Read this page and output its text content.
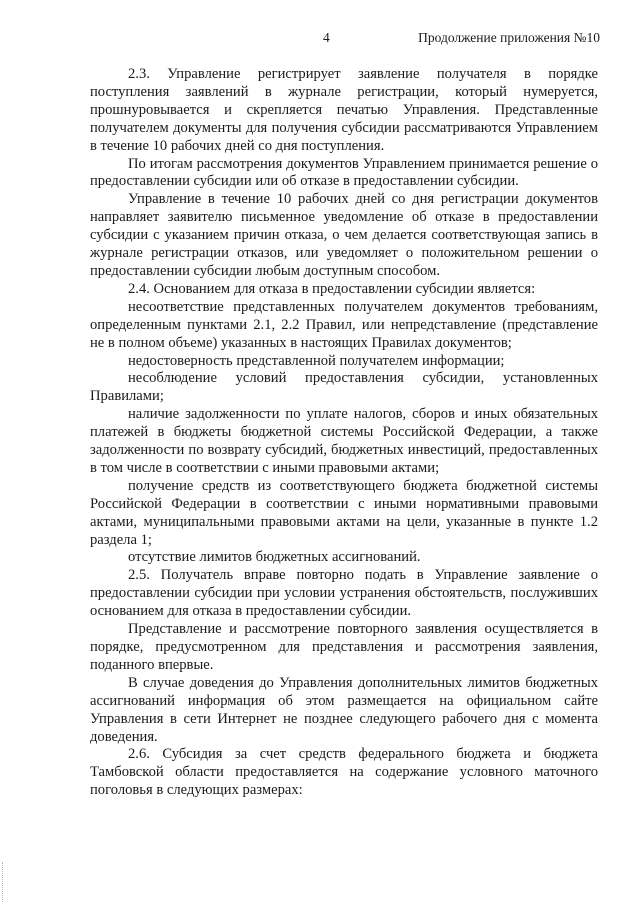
4	Продолжение приложения №10

2.3. Управление регистрирует заявление получателя в порядке поступления заявлений в журнале регистрации, который нумеруется, прошнуровывается и скрепляется печатью Управления. Представленные получателем документы для получения субсидии рассматриваются Управлением в течение 10 рабочих дней со дня поступления.

По итогам рассмотрения документов Управлением принимается решение о предоставлении субсидии или об отказе в предоставлении субсидии.

Управление в течение 10 рабочих дней со дня регистрации документов направляет заявителю письменное уведомление об отказе в предоставлении субсидии с указанием причин отказа, о чем делается соответствующая запись в журнале регистрации отказов, или уведомляет о положительном решении о предоставлении субсидии любым доступным способом.

2.4. Основанием для отказа в предоставлении субсидии является:

несоответствие представленных получателем документов требованиям, определенным пунктами 2.1, 2.2 Правил, или непредставление (представление не в полном объеме) указанных в настоящих Правилах документов;

недостоверность представленной получателем информации;

несоблюдение условий предоставления субсидии, установленных Правилами;

наличие задолженности по уплате налогов, сборов и иных обязательных платежей в бюджеты бюджетной системы Российской Федерации, а также задолженности по возврату субсидий, бюджетных инвестиций, предоставленных в том числе в соответствии с иными правовыми актами;

получение средств из соответствующего бюджета бюджетной системы Российской Федерации в соответствии с иными нормативными правовыми актами, муниципальными правовыми актами на цели, указанные в пункте 1.2 раздела 1;

отсутствие лимитов бюджетных ассигнований.

2.5. Получатель вправе повторно подать в Управление заявление о предоставлении субсидии при условии устранения обстоятельств, послуживших основанием для отказа в предоставлении субсидии.

Представление и рассмотрение повторного заявления осуществляется в порядке, предусмотренном для представления и рассмотрения заявления, поданного впервые.

В случае доведения до Управления дополнительных лимитов бюджетных ассигнований информация об этом размещается на официальном сайте Управления в сети Интернет не позднее следующего рабочего дня с момента доведения.

2.6. Субсидия за счет средств федерального бюджета и бюджета Тамбовской области предоставляется на содержание условного маточного поголовья в следующих размерах:
